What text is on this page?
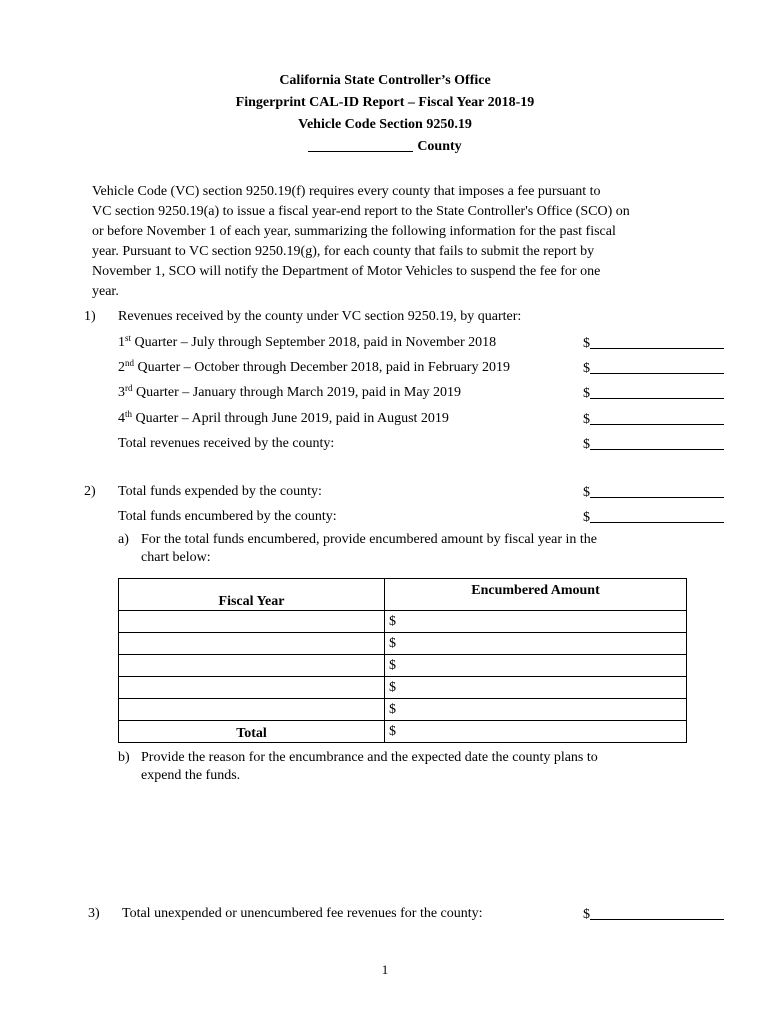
California State Controller’s Office
Fingerprint CAL-ID Report – Fiscal Year 2018-19
Vehicle Code Section 9250.19
County
Vehicle Code (VC) section 9250.19(f) requires every county that imposes a fee pursuant to
VC section 9250.19(a) to issue a fiscal year-end report to the State Controller's Office (SCO) on
or before November 1 of each year, summarizing the following information for the past fiscal
year. Pursuant to VC section 9250.19(g), for each county that fails to submit the report by
November 1, SCO will notify the Department of Motor Vehicles to suspend the fee for one
year.
1) Revenues received by the county under VC section 9250.19, by quarter:
1st Quarter – July through September 2018, paid in November 2018	$
2nd Quarter – October through December 2018, paid in February 2019	$
3rd Quarter – January through March 2019, paid in May 2019	$
4th Quarter – April through June 2019, paid in August 2019	$
Total revenues received by the county:	$
2) Total funds expended by the county:	$
Total funds encumbered by the county:	$
a) For the total funds encumbered, provide encumbered amount by fiscal year in the
chart below:
Fiscal Year	Encumbered Amount
	$
	$
	$
	$
	$
Total	$
b) Provide the reason for the encumbrance and the expected date the county plans to
expend the funds.
3) Total unexpended or unencumbered fee revenues for the county:	$
1
